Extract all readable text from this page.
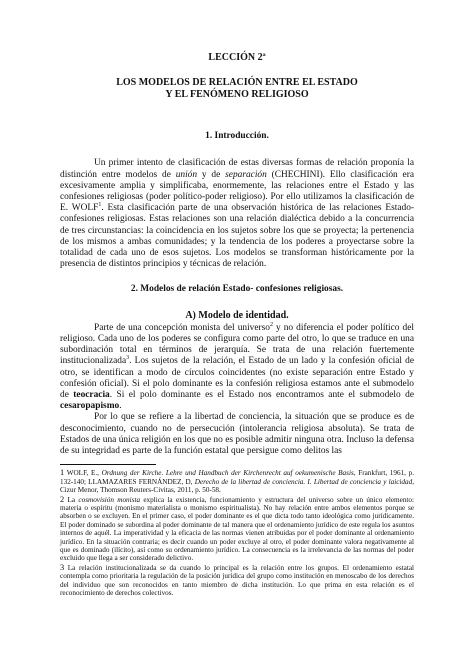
LECCIÓN 2ª
LOS MODELOS DE RELACIÓN ENTRE EL ESTADO
Y EL FENÓMENO RELIGIOSO
1. Introducción.

Un primer intento de clasificación de estas diversas formas de relación proponía la distinción entre modelos de unión y de separación (CHECHINI). Ello clasificación era excesivamente amplia y simplificaba, enormemente, las relaciones entre el Estado y las confesiones religiosas (poder político-poder religioso). Por ello utilizamos la clasificación de E. WOLF$^1$. Esta clasificación parte de una observación histórica de las relaciones Estado-confesiones religiosas. Estas relaciones son una relación dialéctica debido a la concurrencia de tres circunstancias: la coincidencia en los sujetos sobre los que se proyecta; la pertenencia de los mismos a ambas comunidades; y la tendencia de los poderes a proyectarse sobre la totalidad de cada uno de esos sujetos. Los modelos se transforman históricamente por la presencia de distintos principios y técnicas de relación.

2. Modelos de relación Estado- confesiones religiosas.
A) Modelo de identidad.

Parte de una concepción monista del universo$^2$ y no diferencia el poder político del religioso. Cada uno de los poderes se configura como parte del otro, lo que se traduce en una subordinación total en términos de jerarquía. Se trata de una relación fuertemente institucionalizada$^3$. Los sujetos de la relación, el Estado de un lado y la confesión oficial de otro, se identifican a modo de círculos coincidentes (no existe separación entre Estado y confesión oficial). Si el polo dominante es la confesión religiosa estamos ante el submodelo de teocracia. Si el polo dominante es el Estado nos encontramos ante el submodelo de cesaropapismo.

Por lo que se refiere a la libertad de conciencia, la situación que se produce es de desconocimiento, cuando no de persecución (intolerancia religiosa absoluta). Se trata de Estados de una única religión en los que no es posible admitir ninguna otra. Incluso la defensa de su integridad es parte de la función estatal que persigue como delitos las

1 WOLF, E., Ordnung der Kirche. Lehre und Handbuch der Kirchenrecht auf oekumenische Basis, Frankfurt, 1961, p. 132-140; LLAMAZARES FERNÁNDEZ, D, Derecho de la libertad de conciencia. I. Libertad de conciencia y laicidad, Cizur Menor, Thomson Reuters-Civitas, 2011, p. 50-58.

2 La cosmovisión monista explica la existencia, funcionamiento y estructura del universo sobre un único elemento: materia o espíritu (monismo materialista o monismo espiritualista). No hay relación entre ambos elementos porque se absorben o se excluyen. En el primer caso, el poder dominante es el que dicta todo tanto ideológica como jurídicamente. El poder dominado se subordina al poder dominante de tal manera que el ordenamiento jurídico de este regula los asuntos internos de aquél. La imperatividad y la eficacia de las normas vienen atribuidas por el poder dominante al ordenamiento jurídico. En la situación contraria; es decir cuando un poder excluye al otro, el poder dominante valora negativamente al que es dominado (ilícito), así como su ordenamiento jurídico. La consecuencia es la irrelevancia de las normas del poder excluido que llega a ser considerado delictivo.

3 La relación institucionalizada se da cuando lo principal es la relación entre los grupos. El ordenamiento estatal contempla como prioritaria la regulación de la posición jurídica del grupo como institución en menoscabo de los derechos del individuo que son reconocidos en tanto miembro de dicha institución. Lo que prima en esta relación es el reconocimiento de derechos colectivos.
